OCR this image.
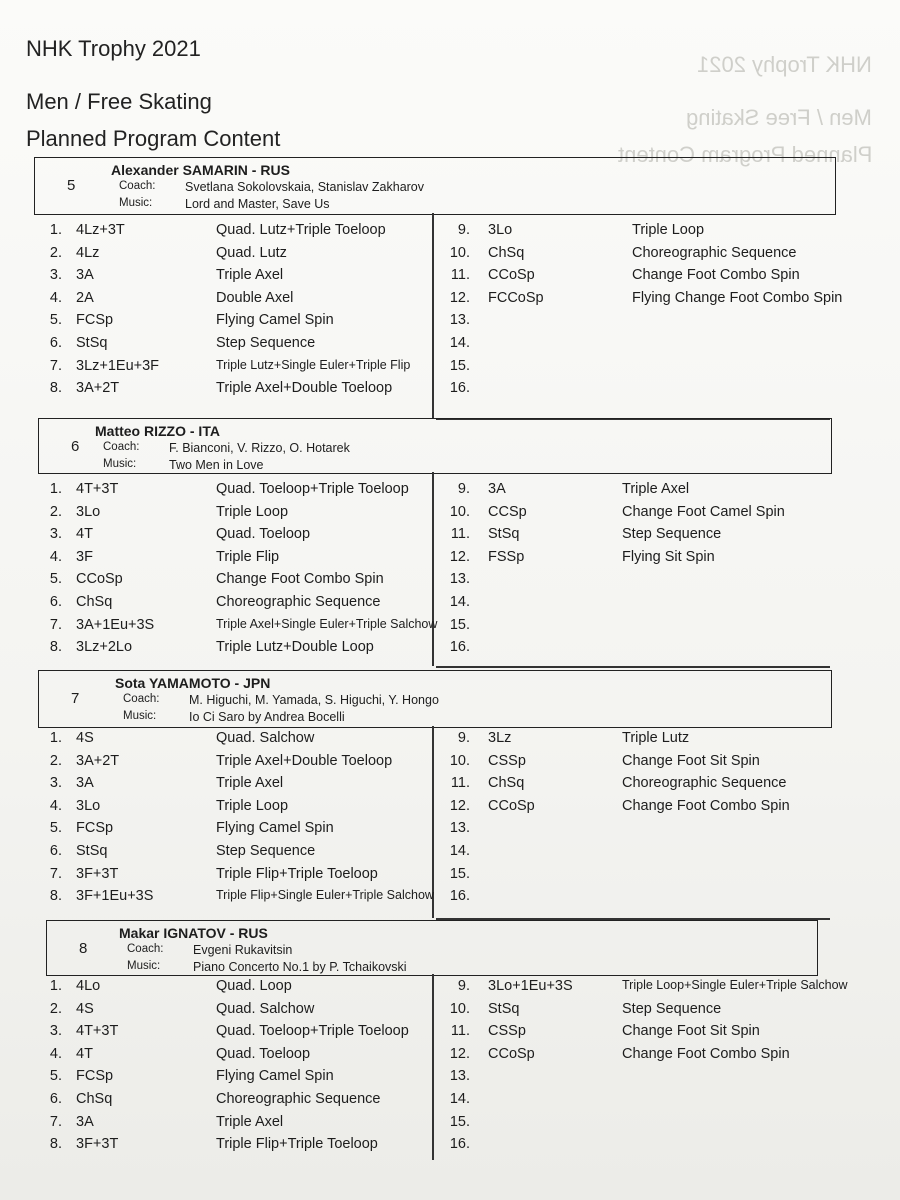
NHK Trophy 2021
Men / Free Skating
Planned Program Content
NHK Trophy 2021
Men / Free Skating
Planned Program Content
5
Alexander SAMARIN - RUS
Coach: Svetlana Sokolovskaia, Stanislav Zakharov
Music:	Lord and Master, Save Us
1. 4Lz+3T	Quad. Lutz+Triple Toeloop
2. 4Lz	Quad. Lutz
3. 3A	Triple Axel
4. 2A	Double Axel
5. FCSp	Flying Camel Spin
6. StSq	Step Sequence
7. 3Lz+1Eu+3F	Triple Lutz+Single Euler+Triple Flip
8. 3A+2T	Triple Axel+Double Toeloop
9. 3Lo	Triple Loop
10. ChSq	Choreographic Sequence
11. CCoSp	Change Foot Combo Spin
12. FCCoSp	Flying Change Foot Combo Spin
13.
14.
15.
16.
6
Matteo RIZZO - ITA
Coach: F. Bianconi, V. Rizzo, O. Hotarek
Music:	Two Men in Love
1. 4T+3T	Quad. Toeloop+Triple Toeloop
2. 3Lo	Triple Loop
3. 4T	Quad. Toeloop
4. 3F	Triple Flip
5. CCoSp	Change Foot Combo Spin
6. ChSq	Choreographic Sequence
7. 3A+1Eu+3S	Triple Axel+Single Euler+Triple Salchow
8. 3Lz+2Lo	Triple Lutz+Double Loop
9. 3A	Triple Axel
10. CCSp	Change Foot Camel Spin
11. StSq	Step Sequence
12. FSSp	Flying Sit Spin
13.
14.
15.
16.
7
Sota YAMAMOTO - JPN
Coach: M. Higuchi, M. Yamada, S. Higuchi, Y. Hongo
Music:	Io Ci Saro by Andrea Bocelli
1. 4S	Quad. Salchow
2. 3A+2T	Triple Axel+Double Toeloop
3. 3A	Triple Axel
4. 3Lo	Triple Loop
5. FCSp	Flying Camel Spin
6. StSq	Step Sequence
7. 3F+3T	Triple Flip+Triple Toeloop
8. 3F+1Eu+3S	Triple Flip+Single Euler+Triple Salchow
9. 3Lz	Triple Lutz
10. CSSp	Change Foot Sit Spin
11. ChSq	Choreographic Sequence
12. CCoSp	Change Foot Combo Spin
13.
14.
15.
16.
8
Makar IGNATOV - RUS
Coach: Evgeni Rukavitsin
Music:	Piano Concerto No.1 by P. Tchaikovski
1. 4Lo	Quad. Loop
2. 4S	Quad. Salchow
3. 4T+3T	Quad. Toeloop+Triple Toeloop
4. 4T	Quad. Toeloop
5. FCSp	Flying Camel Spin
6. ChSq	Choreographic Sequence
7. 3A	Triple Axel
8. 3F+3T	Triple Flip+Triple Toeloop
9. 3Lo+1Eu+3S	Triple Loop+Single Euler+Triple Salchow
10. StSq	Step Sequence
11. CSSp	Change Foot Sit Spin
12. CCoSp	Change Foot Combo Spin
13.
14.
15.
16.
